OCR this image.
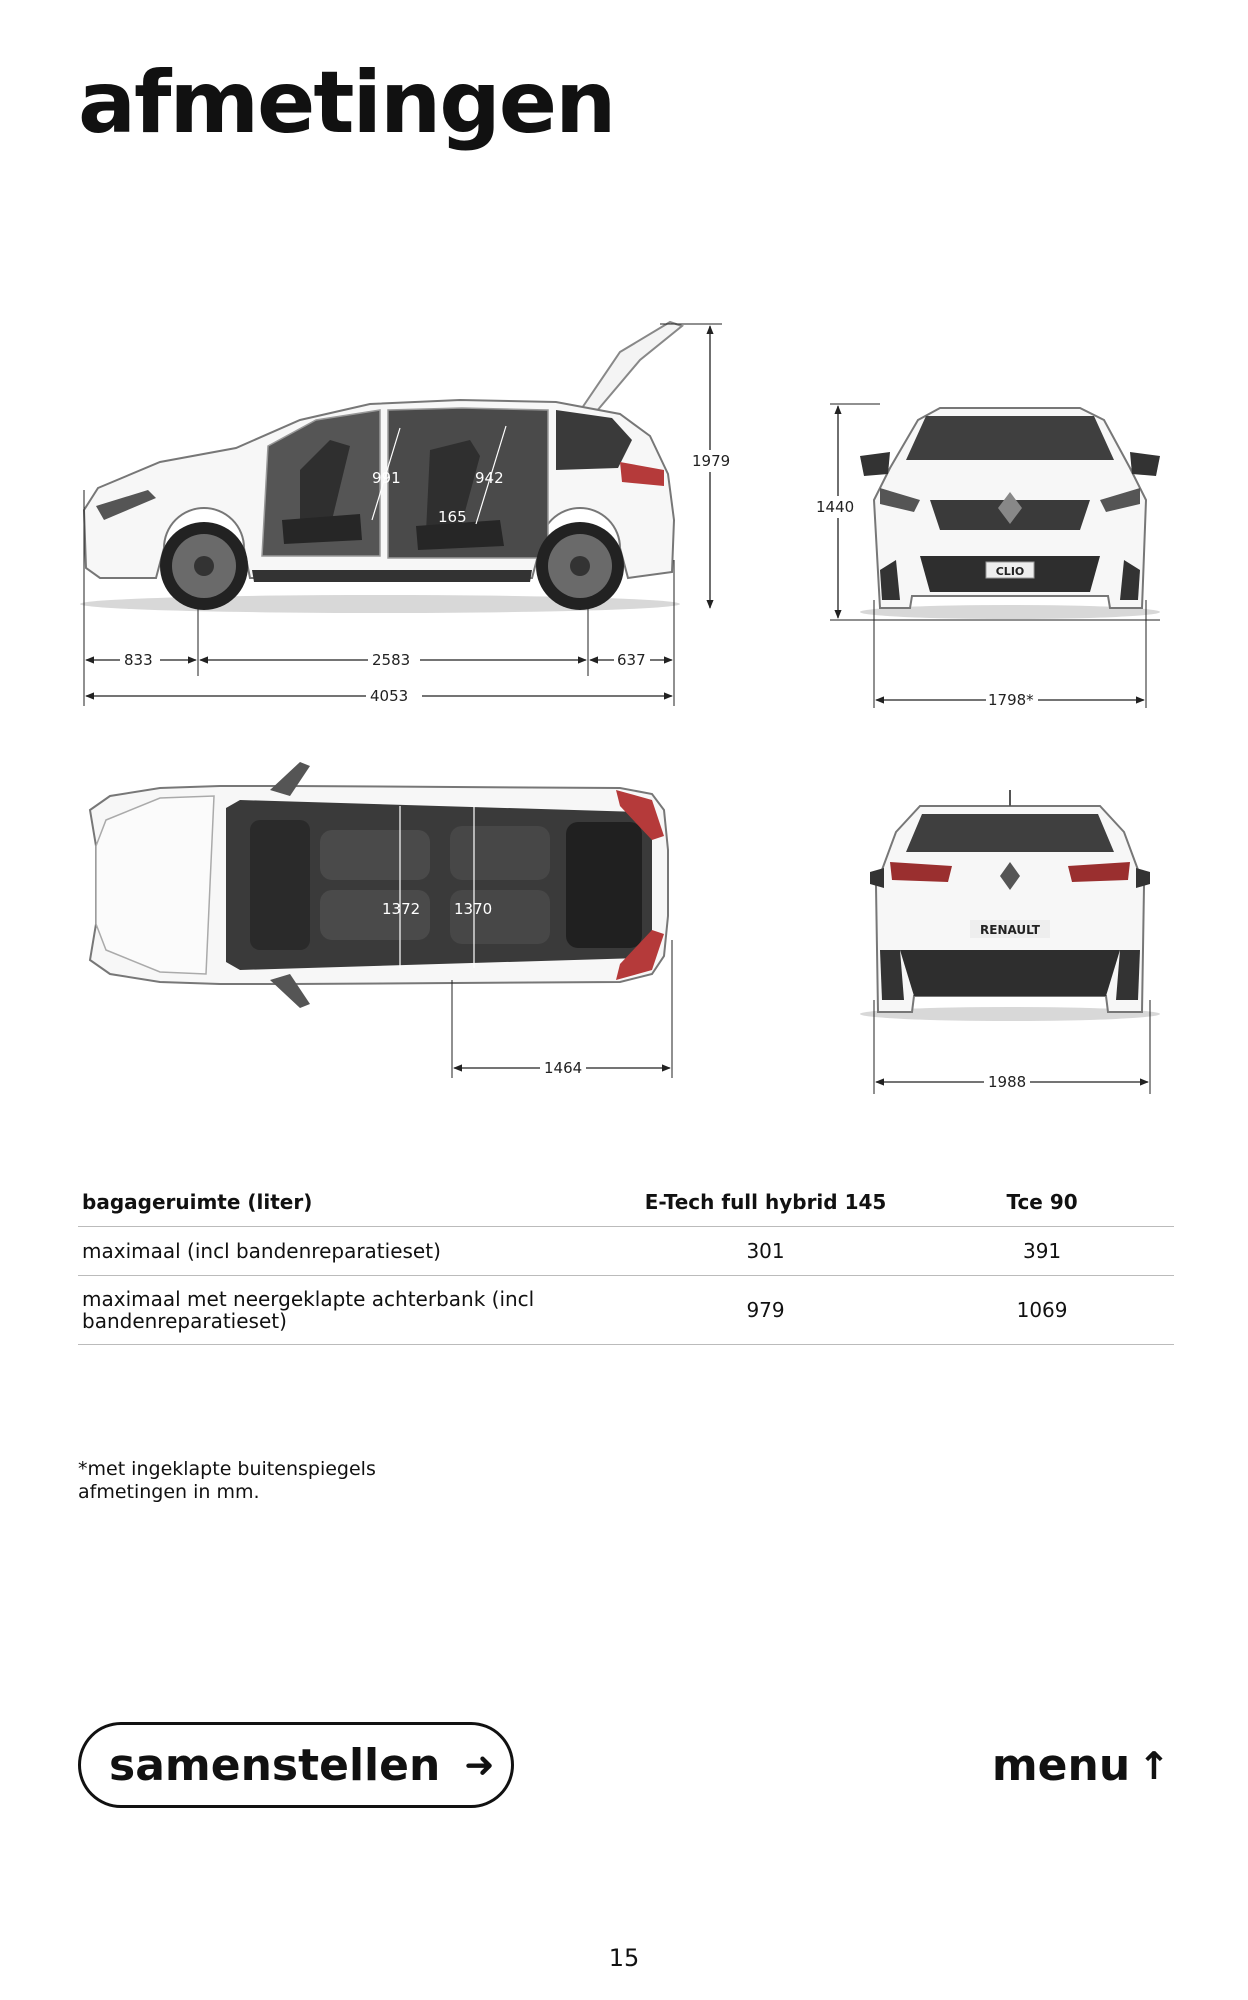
afmetingen
991	942
165
1979
833	2583	637
4053
CLIO
1440
1798*
1372 1370
1464
RENAULT
1988
bagageruimte (liter)	E-Tech full hybrid 145	Tce 90
maximaal (incl bandenreparatieset)	301	391
maximaal met neergeklapte achterbank (incl bandenreparatieset)	979	1069
*met ingeklapte buitenspiegels
afmetingen in mm.
samenstellen ➜	menu ↑
15
